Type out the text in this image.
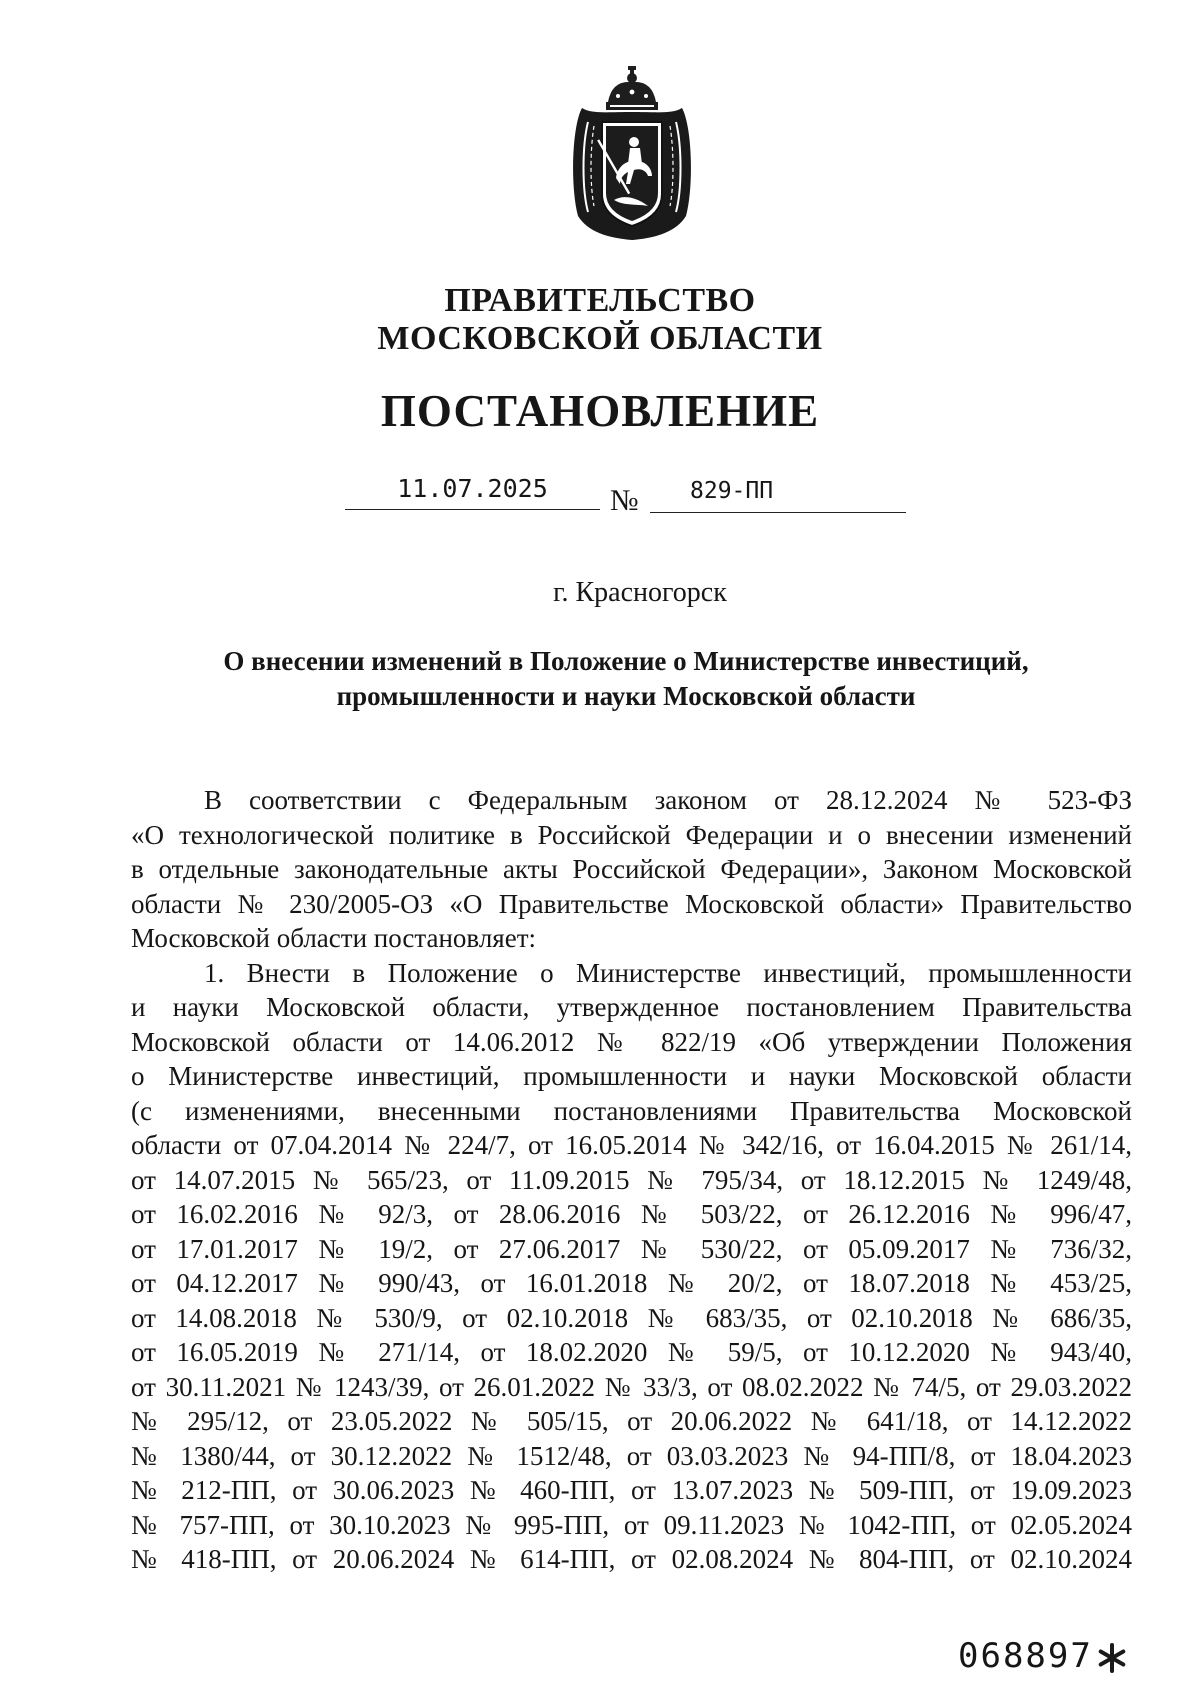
ПРАВИТЕЛЬСТВО
МОСКОВСКОЙ ОБЛАСТИ
ПОСТАНОВЛЕНИЕ
11.07.2025	№	829-ПП
г. Красногорск
О внесении изменений в Положение о Министерстве инвестиций,
промышленности и науки Московской области
В соответствии с Федеральным законом от 28.12.2024 № 523-ФЗ
«О технологической политике в Российской Федерации и о внесении изменений
в отдельные законодательные акты Российской Федерации», Законом Московской
области № 230/2005-ОЗ «О Правительстве Московской области» Правительство
Московской области постановляет:
1. Внести в Положение о Министерстве инвестиций, промышленности
и науки Московской области, утвержденное постановлением Правительства
Московской области от 14.06.2012 № 822/19 «Об утверждении Положения
о Министерстве инвестиций, промышленности и науки Московской области
(с изменениями, внесенными постановлениями Правительства Московской
области от 07.04.2014 № 224/7, от 16.05.2014 № 342/16, от 16.04.2015 № 261/14,
от 14.07.2015 № 565/23, от 11.09.2015 № 795/34, от 18.12.2015 № 1249/48,
от 16.02.2016 № 92/3, от 28.06.2016 № 503/22, от 26.12.2016 № 996/47,
от 17.01.2017 № 19/2, от 27.06.2017 № 530/22, от 05.09.2017 № 736/32,
от 04.12.2017 № 990/43, от 16.01.2018 № 20/2, от 18.07.2018 № 453/25,
от 14.08.2018 № 530/9, от 02.10.2018 № 683/35, от 02.10.2018 № 686/35,
от 16.05.2019 № 271/14, от 18.02.2020 № 59/5, от 10.12.2020 № 943/40,
от 30.11.2021 № 1243/39, от 26.01.2022 № 33/3, от 08.02.2022 № 74/5, от 29.03.2022
№ 295/12, от 23.05.2022 № 505/15, от 20.06.2022 № 641/18, от 14.12.2022
№ 1380/44, от 30.12.2022 № 1512/48, от 03.03.2023 № 94-ПП/8, от 18.04.2023
№ 212-ПП, от 30.06.2023 № 460-ПП, от 13.07.2023 № 509-ПП, от 19.09.2023
№ 757-ПП, от 30.10.2023 № 995-ПП, от 09.11.2023 № 1042-ПП, от 02.05.2024
№ 418-ПП, от 20.06.2024 № 614-ПП, от 02.08.2024 № 804-ПП, от 02.10.2024
068897
